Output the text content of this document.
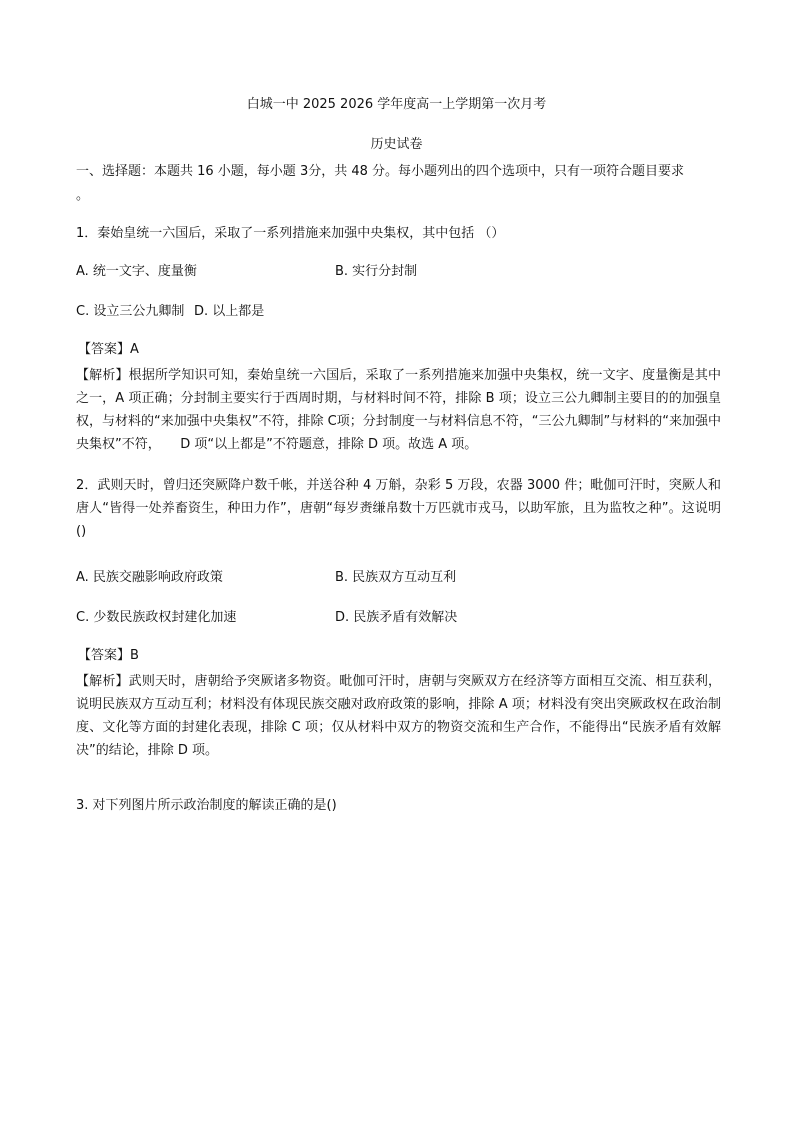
白城一中 2025 2026 学年度高一上学期第一次月考
历史试卷
一、选择题：本题共 16 小题，每小题 3分，共 48 分。每小题列出的四个选项中，只有一项符合题目要求
。
1．秦始皇统一六国后，采取了一系列措施来加强中央集权，其中包括 （）
A. 统一文字、度量衡	B. 实行分封制
C. 设立三公九卿制 D. 以上都是
【答案】A
【解析】根据所学知识可知，秦始皇统一六国后，采取了一系列措施来加强中央集权，统一文字、度量衡是其中之一，A 项正确；分封制主要实行于西周时期，与材料时间不符，排除 B 项；设立三公九卿制主要目的的加强皇权，与材料的“来加强中央集权”不符，排除 C项；分封制度一与材料信息不符，“三公九卿制”与材料的“来加强中央集权”不符，　　D 项“以上都是”不符题意，排除 D 项。故选 A 项。
2．武则天时，曾归还突厥降户数千帐，并送谷种 4 万斛，杂彩 5 万段，农器 3000 件；毗伽可汗时，突厥人和唐人“皆得一处养畜资生，种田力作”，唐朝“每岁赉缣帛数十万匹就市戎马，以助军旅，且为监牧之种”。这说明()
A. 民族交融影响政府政策	B. 民族双方互动互利
C. 少数民族政权封建化加速	D. 民族矛盾有效解决
【答案】B
【解析】武则天时，唐朝给予突厥诸多物资。毗伽可汗时，唐朝与突厥双方在经济等方面相互交流、相互获利，说明民族双方互动互利；材料没有体现民族交融对政府政策的影响，排除 A 项；材料没有突出突厥政权在政治制度、文化等方面的封建化表现，排除 C 项；仅从材料中双方的物资交流和生产合作，不能得出“民族矛盾有效解决”的结论，排除 D 项。
3. 对下列图片所示政治制度的解读正确的是()
